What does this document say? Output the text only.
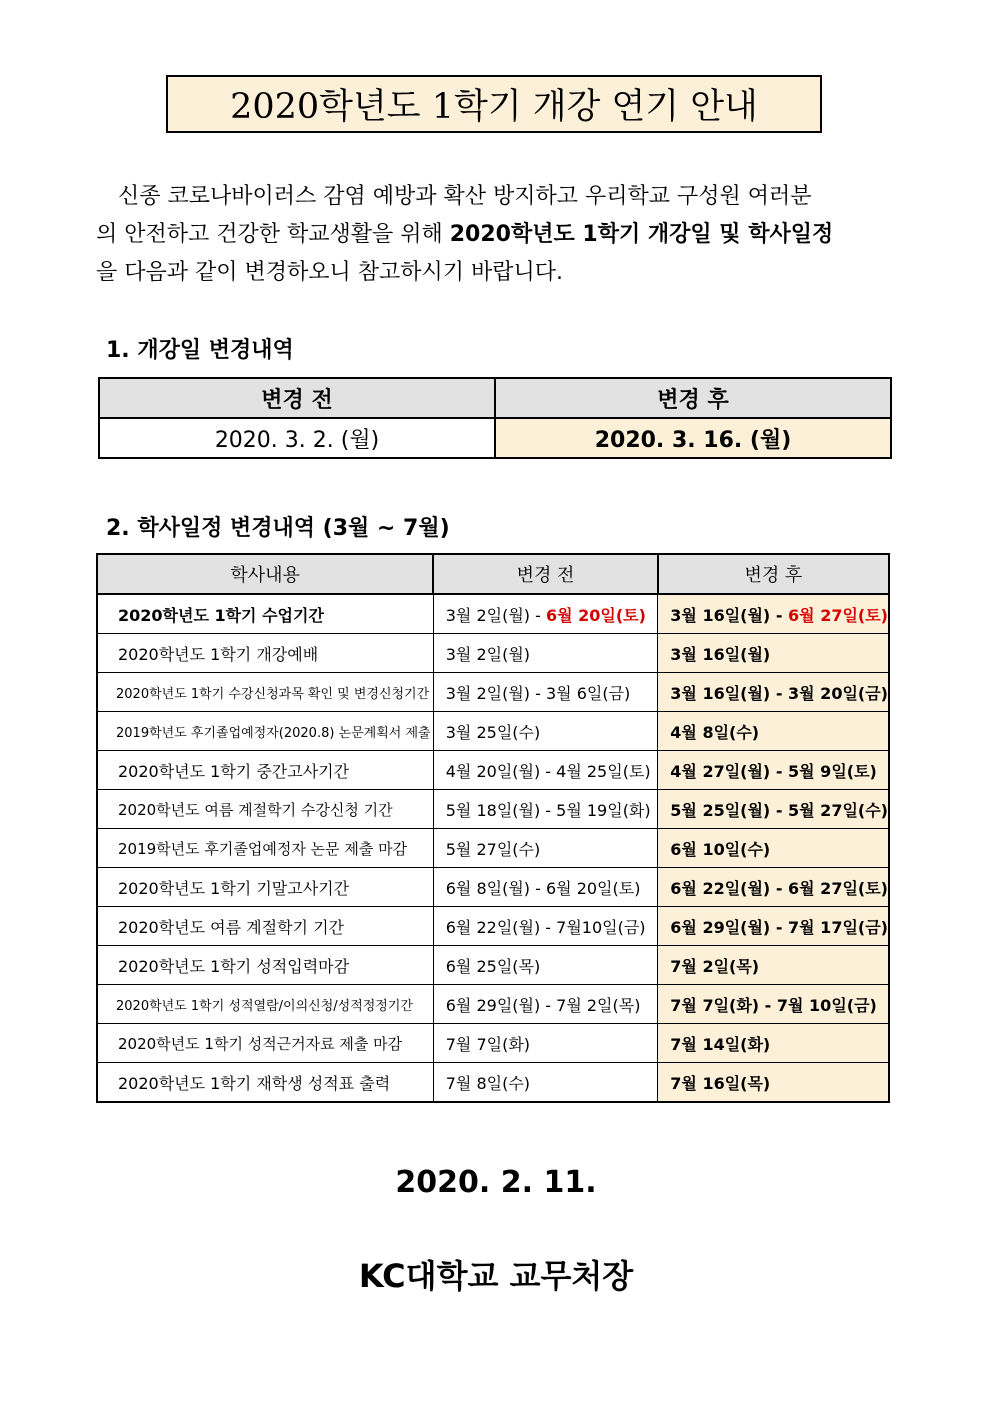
2020학년도 1학기 개강 연기 안내
신종 코로나바이러스 감염 예방과 확산 방지하고 우리학교 구성원 여러분
의 안전하고 건강한 학교생활을 위해 2020학년도 1학기 개강일 및 학사일정
을 다음과 같이 변경하오니 참고하시기 바랍니다.
1. 개강일 변경내역
변경 전	변경 후
2020. 3. 2. (월)	2020. 3. 16. (월)
2. 학사일정 변경내역 (3월 ~ 7월)
학사내용	변경 전	변경 후
2020학년도 1학기 수업기간	3월 2일(월) - 6월 20일(토)	3월 16일(월) - 6월 27일(토)
2020학년도 1학기 개강예배	3월 2일(월)	3월 16일(월)
2020학년도 1학기 수강신청과목 확인 및 변경신청기간	3월 2일(월) - 3월 6일(금)	3월 16일(월) - 3월 20일(금)
2019학년도 후기졸업예정자(2020.8) 논문계획서 제출	3월 25일(수)	4월 8일(수)
2020학년도 1학기 중간고사기간	4월 20일(월) - 4월 25일(토)	4월 27일(월) - 5월 9일(토)
2020학년도 여름 계절학기 수강신청 기간	5월 18일(월) - 5월 19일(화)	5월 25일(월) - 5월 27일(수)
2019학년도 후기졸업예정자 논문 제출 마감	5월 27일(수)	6월 10일(수)
2020학년도 1학기 기말고사기간	6월 8일(월) - 6월 20일(토)	6월 22일(월) - 6월 27일(토)
2020학년도 여름 계절학기 기간	6월 22일(월) - 7월10일(금)	6월 29일(월) - 7월 17일(금)
2020학년도 1학기 성적입력마감	6월 25일(목)	7월 2일(목)
2020학년도 1학기 성적열람/이의신청/성적정정기간	6월 29일(월) - 7월 2일(목)	7월 7일(화) - 7월 10일(금)
2020학년도 1학기 성적근거자료 제출 마감	7월 7일(화)	7월 14일(화)
2020학년도 1학기 재학생 성적표 출력	7월 8일(수)	7월 16일(목)
2020. 2. 11.
KC대학교 교무처장
